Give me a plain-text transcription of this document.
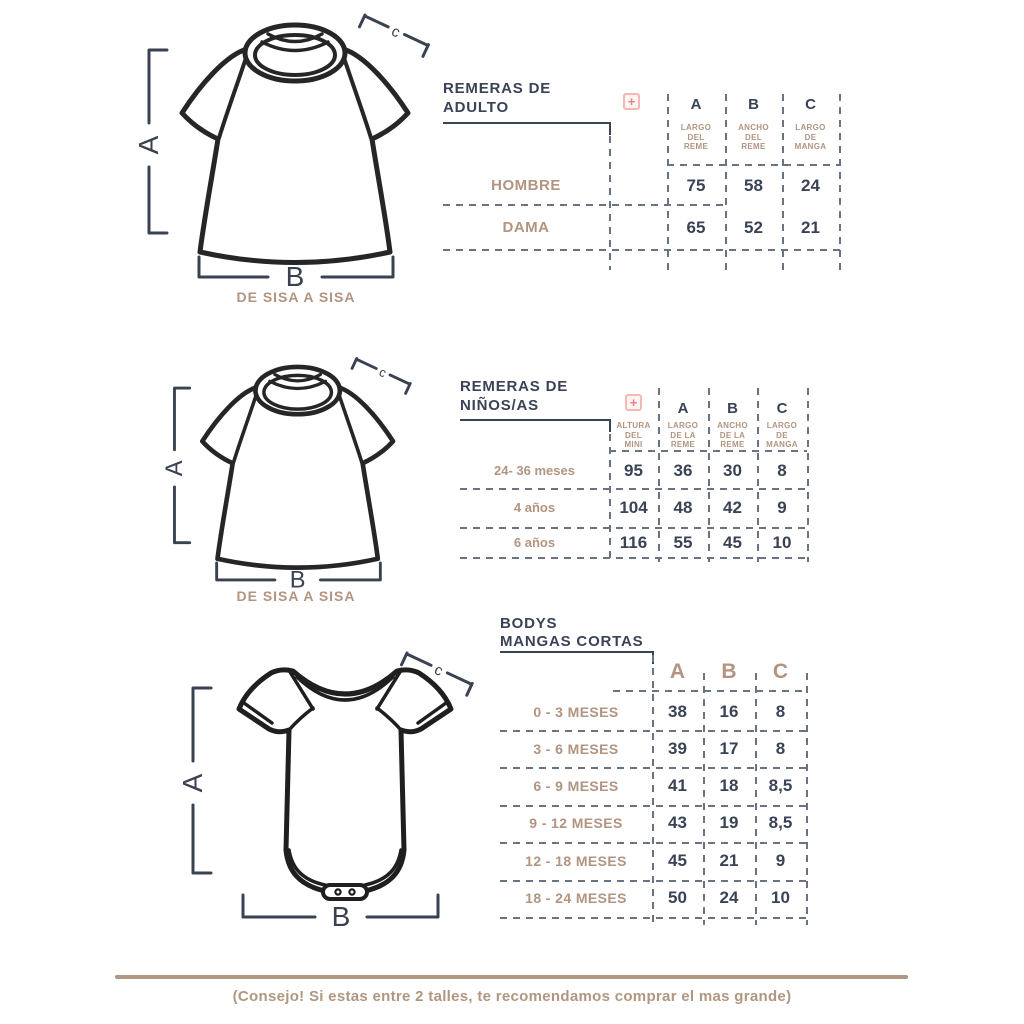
A
B
c
DE SISA A SISA
REMERAS DE
ADULTO	+	A	B	C
LARGO
DEL
REME
ANCHO
DEL
REME
LARGO
DE
MANGA
HOMBRE	75	58	24
DAMA	65	52	21
A
B
c
DE SISA A SISA
REMERAS DE
NIÑOS/AS	+
ALTURA
DEL
MINI
A	B	C
LARGO
DE LA
REME
ANCHO
DE LA
REME
LARGO
DE
MANGA
24- 36 meses	95	36	30	8
4 años	104	48	42	9
6 años	116	55	45	10
A
B
c
BODYS
MANGAS CORTAS
A	B	C
0 - 3 MESES	38	16	8
3 - 6 MESES	39	17	8
6 - 9 MESES	41	18	8,5
9 - 12 MESES	43	19	8,5
12 - 18 MESES	45	21	9
18 - 24 MESES	50	24	10
(Consejo! Si estas entre 2 talles, te recomendamos comprar el mas grande)
